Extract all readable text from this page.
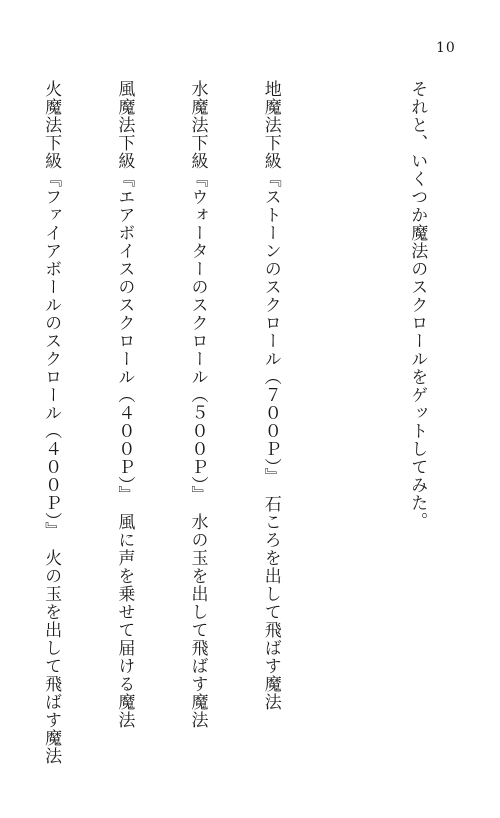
10

それと、いくつか魔法のスクロールをゲットしてみた。

地魔法下級『ストーンのスクロール（７００Ｐ）』　石ころを出して飛ばす魔法

水魔法下級『ウォーターのスクロール（５００Ｐ）』　水の玉を出して飛ばす魔法

風魔法下級『エアボイスのスクロール（４００Ｐ）』　風に声を乗せて届ける魔法

火魔法下級『ファイアボールのスクロール（４００Ｐ）』　火の玉を出して飛ばす魔法
